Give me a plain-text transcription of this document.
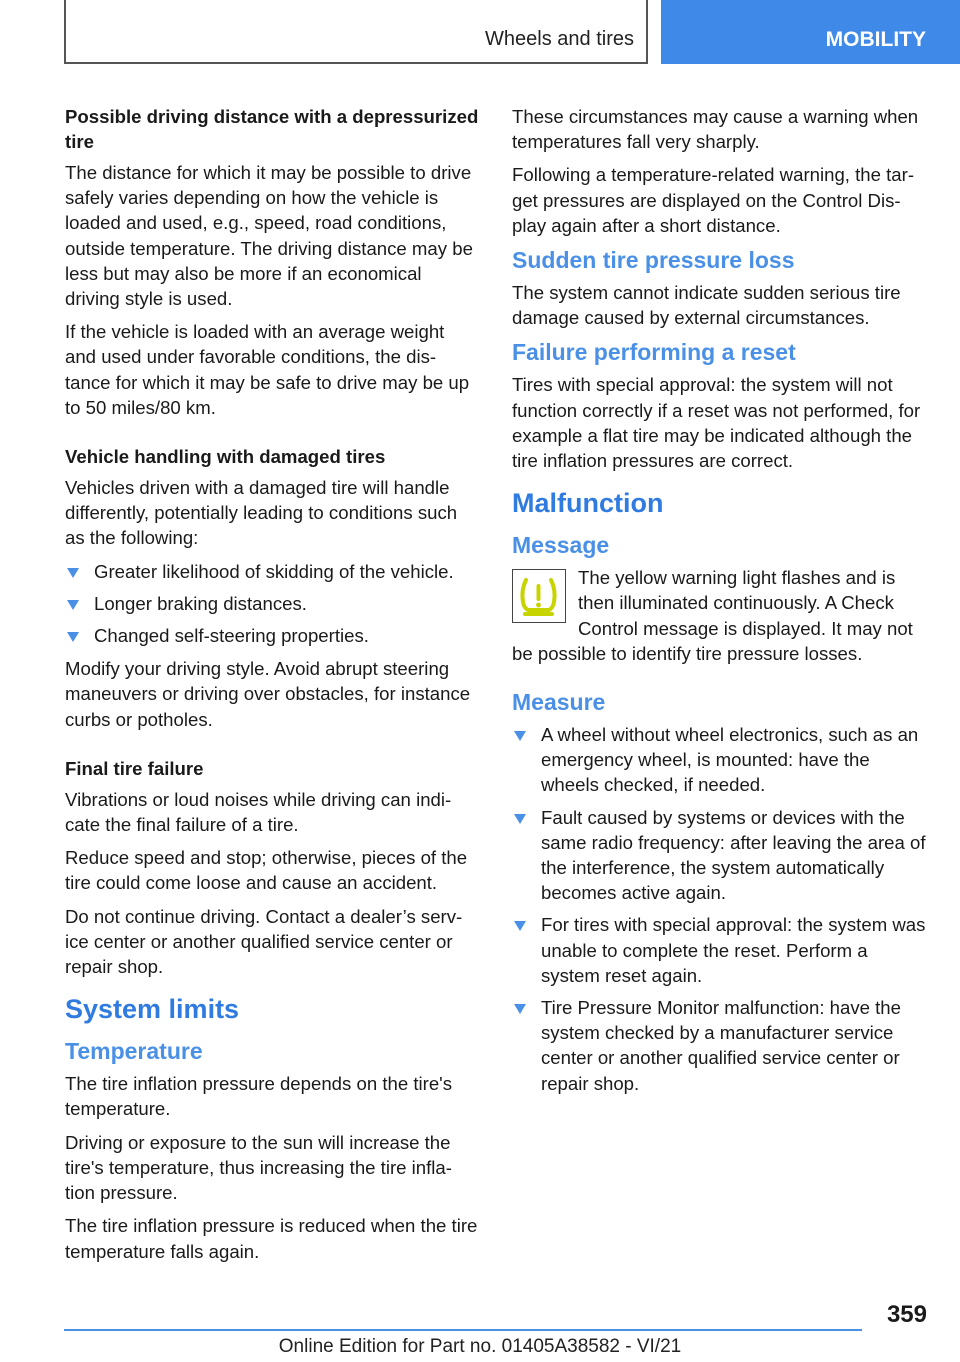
Wheels and tires	MOBILITY
Possible driving distance with a depressurized tire

The distance for which it may be possible to drive safely varies depending on how the vehicle is loaded and used, e.g., speed, road conditions, outside temperature. The driving distance may be less but may also be more if an economical driving style is used.

If the vehicle is loaded with an average weight and used under favorable conditions, the dis-tance for which it may be safe to drive may be up to 50 miles/80 km.

Vehicle handling with damaged tires

Vehicles driven with a damaged tire will handle differently, potentially leading to conditions such as the following:

Greater likelihood of skidding of the vehicle.
Longer braking distances.
Changed self-steering properties.

Modify your driving style. Avoid abrupt steering maneuvers or driving over obstacles, for instance curbs or potholes.

Final tire failure

Vibrations or loud noises while driving can indi-cate the final failure of a tire.

Reduce speed and stop; otherwise, pieces of the tire could come loose and cause an accident.

Do not continue driving. Contact a dealer’s serv-ice center or another qualified service center or repair shop.

System limits
Temperature

The tire inflation pressure depends on the tire's temperature.

Driving or exposure to the sun will increase the tire's temperature, thus increasing the tire infla-tion pressure.

The tire inflation pressure is reduced when the tire temperature falls again.

These circumstances may cause a warning when temperatures fall very sharply.

Following a temperature-related warning, the tar-get pressures are displayed on the Control Dis-play again after a short distance.

Sudden tire pressure loss

The system cannot indicate sudden serious tire damage caused by external circumstances.

Failure performing a reset

Tires with special approval: the system will not function correctly if a reset was not performed, for example a flat tire may be indicated although the tire inflation pressures are correct.

Malfunction
Message

The yellow warning light flashes and is then illuminated continuously. A Check Control message is displayed. It may not be possible to identify tire pressure losses.

Measure
A wheel without wheel electronics, such as an emergency wheel, is mounted: have the wheels checked, if needed.
Fault caused by systems or devices with the same radio frequency: after leaving the area of the interference, the system automatically becomes active again.
For tires with special approval: the system was unable to complete the reset. Perform a system reset again.
Tire Pressure Monitor malfunction: have the system checked by a manufacturer service center or another qualified service center or repair shop.
359
Online Edition for Part no. 01405A38582 - VI/21
